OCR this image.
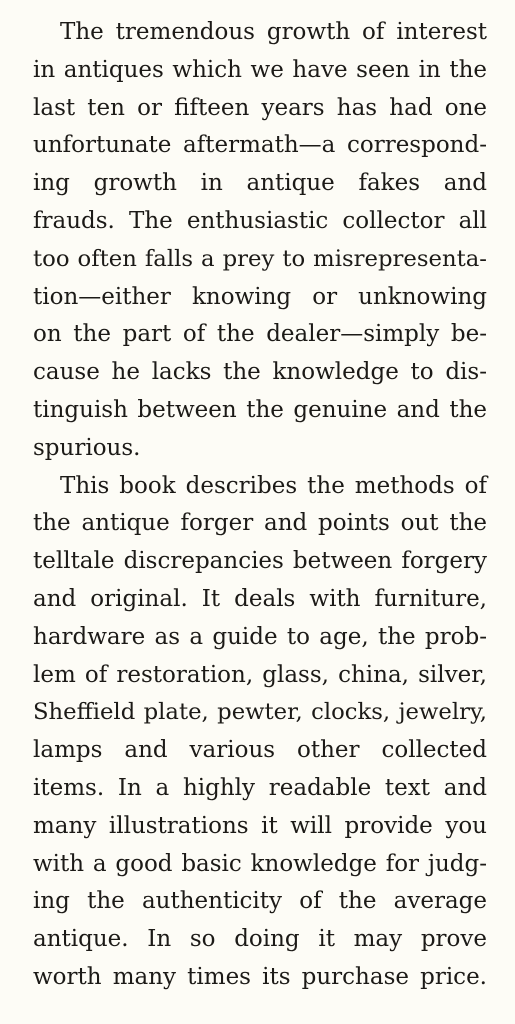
The tremendous growth of interest
in antiques which we have seen in the
last ten or fifteen years has had one
unfortunate aftermath—a correspond-
ing growth in antique fakes and
frauds. The enthusiastic collector all
too often falls a prey to misrepresenta-
tion—either knowing or unknowing
on the part of the dealer—simply be-
cause he lacks the knowledge to dis-
tinguish between the genuine and the
spurious.
This book describes the methods of
the antique forger and points out the
telltale discrepancies between forgery
and original. It deals with furniture,
hardware as a guide to age, the prob-
lem of restoration, glass, china, silver,
Sheffield plate, pewter, clocks, jewelry,
lamps and various other collected
items. In a highly readable text and
many illustrations it will provide you
with a good basic knowledge for judg-
ing the authenticity of the average
antique. In so doing it may prove
worth many times its purchase price.
